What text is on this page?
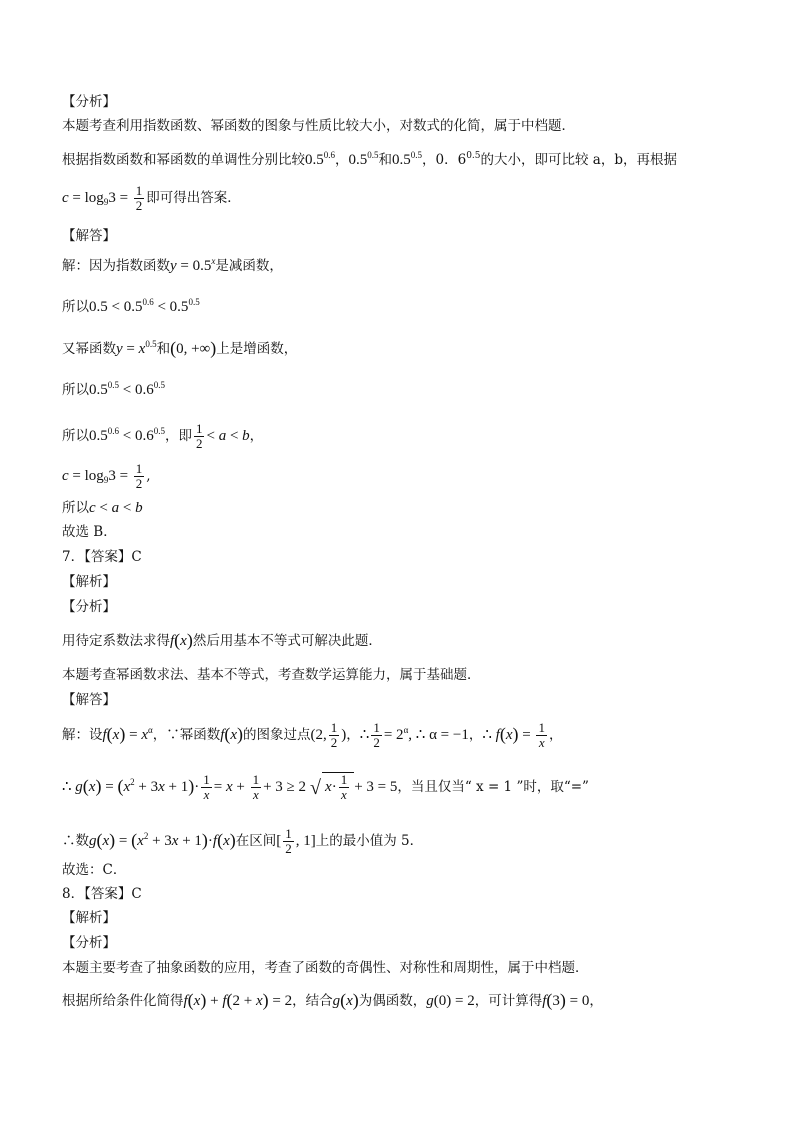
【分析】
本题考查利用指数函数、幂函数的图象与性质比较大小，对数式的化简，属于中档题．
根据指数函数和幂函数的单调性分别比较$0.5^{0.6}$，$0.5^{0.5}$和$0.5^{0.5}$，0．$6^{0.5}$的大小，即可比较 a，b，再根据
$c = \log_93 = \frac{1}{2}$ 即可得出答案．
【解答】
解：因为指数函数$y = 0.5^x$是减函数，
所以$0.5 < 0.5^{0.6} < 0.5^{0.5}$
又幂函数$y = x^{0.5}$和(0, +∞)上是增函数，
所以$0.5^{0.5} < 0.6^{0.5}$
所以$0.5^{0.6} < 0.6^{0.5}$，即 $\frac{1}{2} < a < b$，
$c = \log_93 = \frac{1}{2}$ ,
所以c < a < b
故选 B．
7．【答案】C
【解析】
【分析】
用待定系数法求得f(x)然后用基本不等式可解决此题．
本题考查幂函数求法、基本不等式，考查数学运算能力，属于基础题．
【解答】
解：设$f(x) = x^\alpha$，∵幂函数f(x)的图象过点(2, $\frac{1}{2}$ )，∴ $\frac{1}{2} = 2^\alpha$, ∴ α = −1，∴ $f(x) = \frac{1}{x}$ ，
∴ $g(x) = (x^2 + 3x + 1)\cdot \frac{1}{x} = x + \frac{1}{x} + 3 \ge 2$ √ $x\cdot \frac{1}{x} + 3 = 5$，当且仅当“ x = 1 ”时，取“=”
∴数$g(x) = (x^2 + 3x + 1)\cdot f(x)$在区间[ $\frac{1}{2}$ , 1]上的最小值为 5．
故选：C．
8．【答案】C
【解析】
【分析】
本题主要考查了抽象函数的应用，考查了函数的奇偶性、对称性和周期性，属于中档题．
根据所给条件化简得f(x) + f(2 + x) = 2，结合g(x)为偶函数，g(0) = 2，可计算得f(3) = 0，
